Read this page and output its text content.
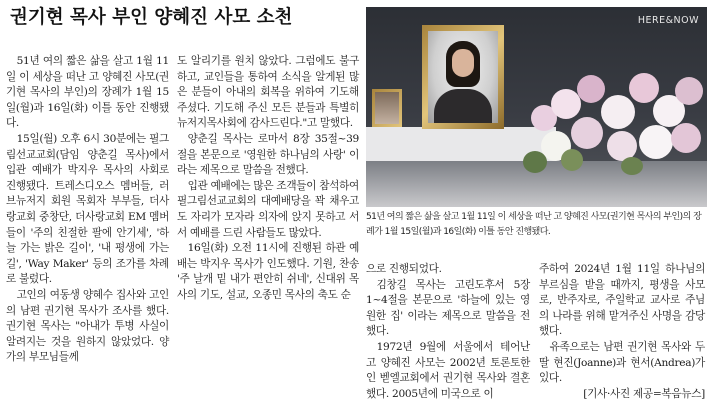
권기현 목사 부인 양혜진 사모 소천

51년 여의 짧은 삶을 살고 1월 11일 이 세상을 떠난 고 양혜진 사모(권기현 목사의 부인)의 장례가 1월 15일(월)과 16일(화) 이틀 동안 진행됐다.

15일(월) 오후 6시 30분에는 필그림선교교회(담임 양춘길 목사)에서 입관 예배가 박지우 목사의 사회로 진행됐다. 트레스디오스 멤버들, 러브뉴저지 회원 목회자 부부들, 더사랑교회 중창단, 더사랑교회 EM 멤버들이 '주의 친절한 팔에 안기세', '하늘 가는 밝은 길이', '내 평생에 가는 길', 'Way Maker' 등의 조가를 차례로 불렀다.

고인의 여동생 양혜수 집사와 고인의 남편 권기현 목사가 조사를 했다. 권기현 목사는 "아내가 투병 사실이 알려지는 것을 원하지 않았었다. 양가의 부모님들께

도 알리기를 원치 않았다. 그럼에도 불구하고, 교인들을 통하여 소식을 알게된 많은 분들이 아내의 회복을 위하여 기도해 주셨다. 기도해 주신 모든 분들과 특별히 뉴저지목사회에 감사드린다."고 말했다.

양춘길 목사는 로마서 8장 35절~39절을 본문으로 '영원한 하나님의 사랑' 이라는 제목으로 말씀을 전했다.

입관 예배에는 많은 조객들이 참석하여 필그림선교교회의 대예배당을 꽉 채우고도 자리가 모자라 의자에 앉지 못하고 서서 예배를 드린 사람들도 많았다.

16일(화) 오전 11시에 진행된 하관 예배는 박지우 목사가 인도했다. 기원, 찬송 '주 날개 밑 내가 편안히 쉬네', 신대위 목사의 기도, 설교, 오종민 목사의 축도 순

HERE&NOW
51년 여의 짧은 삶을 살고 1월 11일 이 세상을 떠난 고 양혜진 사모(권기현 목사의 부인)의 장례가 1월 15일(월)과 16일(화) 이틀 동안 진행됐다.

으로 진행되었다.

김창길 목사는 고린도후서 5장 1~4절을 본문으로 '하늘에 있는 영원한 집' 이라는 제목으로 말씀을 전했다.

1972년 9월에 서울에서 테어난 고 양혜진 사모는 2002년 토론토한인 벧엘교회에서 권기현 목사와 결혼했다. 2005년에 미국으로 이

주하여 2024년 1월 11일 하나님의 부르심을 받을 때까지, 평생을 사모로, 반주자로, 주일학교 교사로 주님의 나라를 위해 맡겨주신 사명을 감당했다.

유족으로는 남편 권기현 목사와 두 딸 현진(Joanne)과 현서(Andrea)가 있다.

[기사·사진 제공=복음뉴스]
